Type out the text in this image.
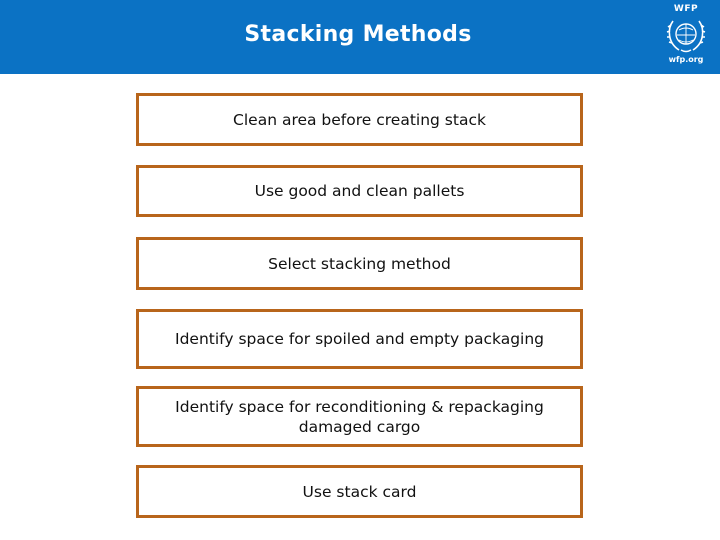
Stacking Methods
WFP
wfp.org
Clean area before creating stack
Use good and clean pallets
Select stacking method
Identify space for spoiled and empty packaging
Identify space for reconditioning & repackaging damaged cargo
Use stack card
